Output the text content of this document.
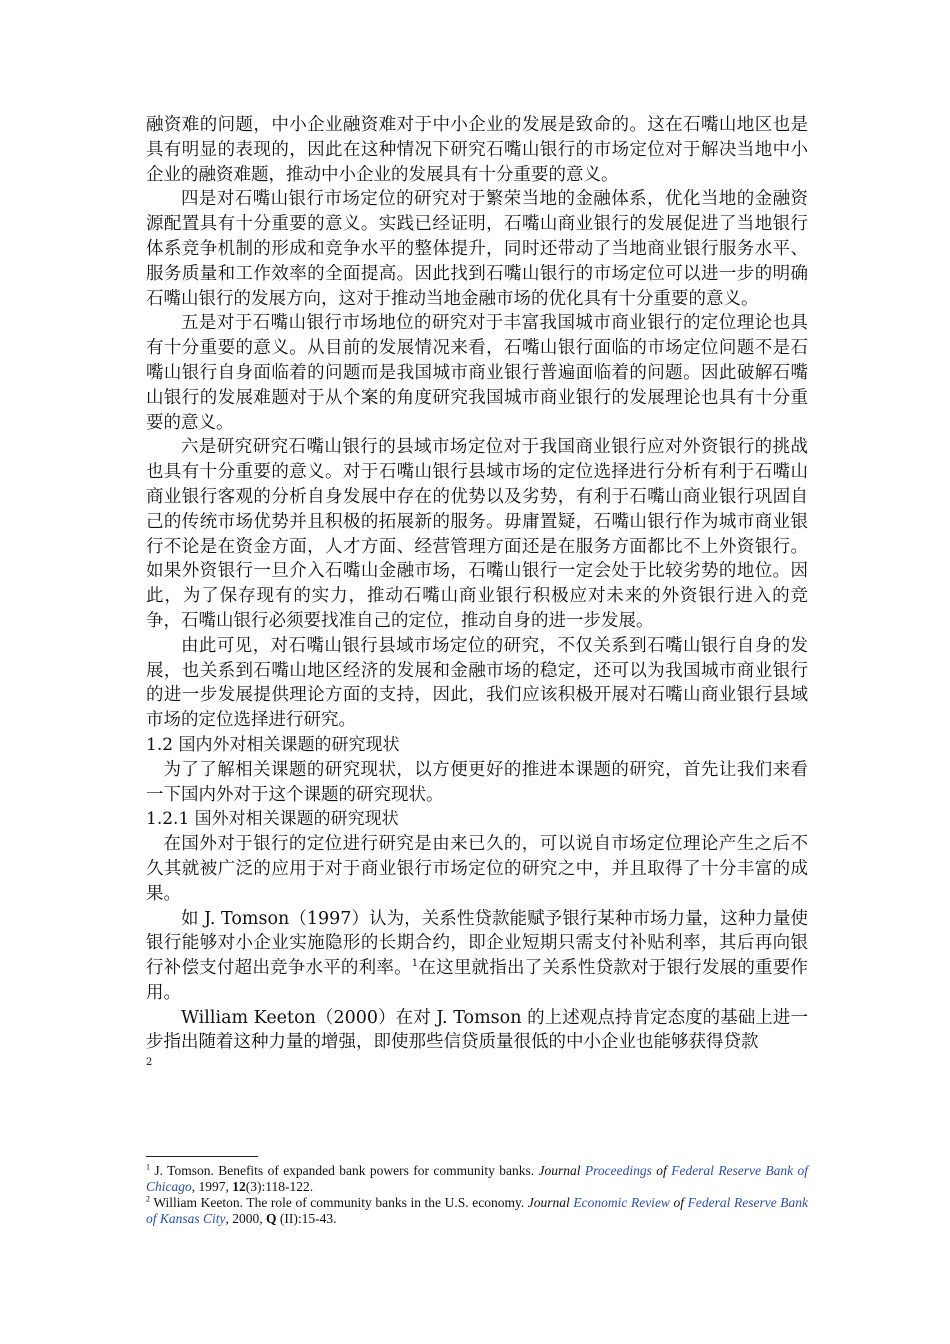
融资难的问题，中小企业融资难对于中小企业的发展是致命的。这在石嘴山地区也是具有明显的表现的，因此在这种情况下研究石嘴山银行的市场定位对于解决当地中小企业的融资难题，推动中小企业的发展具有十分重要的意义。

四是对石嘴山银行市场定位的研究对于繁荣当地的金融体系，优化当地的金融资源配置具有十分重要的意义。实践已经证明，石嘴山商业银行的发展促进了当地银行体系竞争机制的形成和竞争水平的整体提升，同时还带动了当地商业银行服务水平、服务质量和工作效率的全面提高。因此找到石嘴山银行的市场定位可以进一步的明确石嘴山银行的发展方向，这对于推动当地金融市场的优化具有十分重要的意义。

五是对于石嘴山银行市场地位的研究对于丰富我国城市商业银行的定位理论也具有十分重要的意义。从目前的发展情况来看，石嘴山银行面临的市场定位问题不是石嘴山银行自身面临着的问题而是我国城市商业银行普遍面临着的问题。因此破解石嘴山银行的发展难题对于从个案的角度研究我国城市商业银行的发展理论也具有十分重要的意义。

六是研究研究石嘴山银行的县域市场定位对于我国商业银行应对外资银行的挑战也具有十分重要的意义。对于石嘴山银行县域市场的定位选择进行分析有利于石嘴山商业银行客观的分析自身发展中存在的优势以及劣势，有利于石嘴山商业银行巩固自己的传统市场优势并且积极的拓展新的服务。毋庸置疑，石嘴山银行作为城市商业银行不论是在资金方面，人才方面、经营管理方面还是在服务方面都比不上外资银行。如果外资银行一旦介入石嘴山金融市场，石嘴山银行一定会处于比较劣势的地位。因此，为了保存现有的实力，推动石嘴山商业银行积极应对未来的外资银行进入的竞争，石嘴山银行必须要找准自己的定位，推动自身的进一步发展。

由此可见，对石嘴山银行县域市场定位的研究，不仅关系到石嘴山银行自身的发展，也关系到石嘴山地区经济的发展和金融市场的稳定，还可以为我国城市商业银行的进一步发展提供理论方面的支持，因此，我们应该积极开展对石嘴山商业银行县域市场的定位选择进行研究。

1.2 国内外对相关课题的研究现状

为了了解相关课题的研究现状，以方便更好的推进本课题的研究，首先让我们来看一下国内外对于这个课题的研究现状。

1.2.1 国外对相关课题的研究现状

在国外对于银行的定位进行研究是由来已久的，可以说自市场定位理论产生之后不久其就被广泛的应用于对于商业银行市场定位的研究之中，并且取得了十分丰富的成果。

如 J. Tomson（1997）认为，关系性贷款能赋予银行某种市场力量，这种力量使银行能够对小企业实施隐形的长期合约，即企业短期只需支付补贴利率，其后再向银行补偿支付超出竞争水平的利率。$^1$在这里就指出了关系性贷款对于银行发展的重要作用。

William Keeton（2000）在对 J. Tomson 的上述观点持肯定态度的基础上进一步指出随着这种力量的增强，即使那些信贷质量很低的中小企业也能够获得贷款

2

$^1$ J. Tomson. Benefits of expanded bank powers for community banks. Journal Proceedings of Federal Reserve Bank of Chicago, 1997, 12(3):118-122.

$^2$ William Keeton. The role of community banks in the U.S. economy. Journal Economic Review of Federal Reserve Bank of Kansas City, 2000, Q (II):15-43.
